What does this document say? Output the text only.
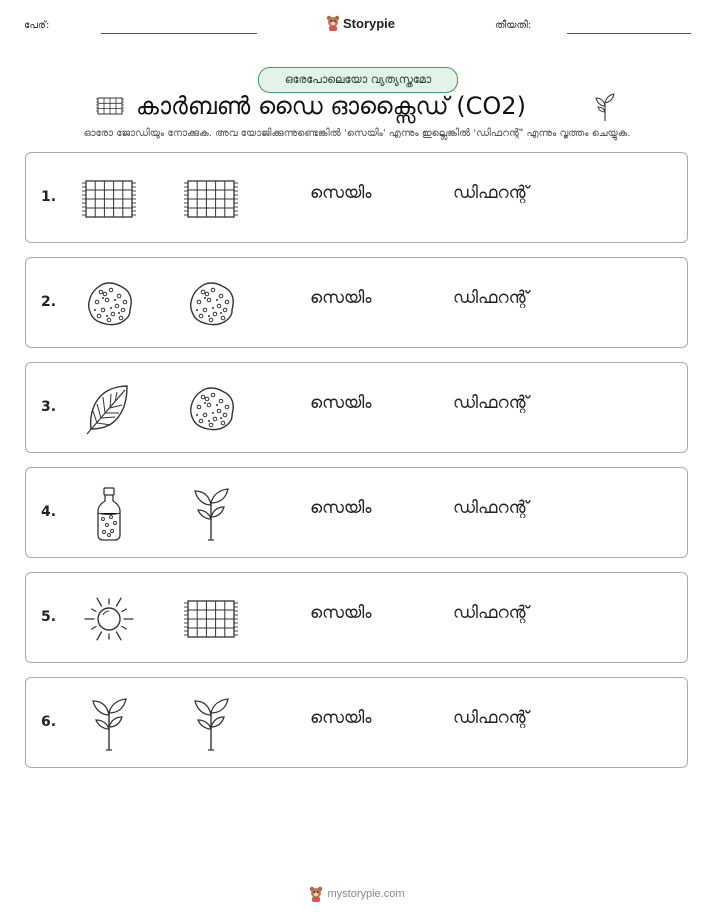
പേര്:	Storypie	തീയതി:
ഒരേപോലെയോ വ്യത്യസ്തമോ
കാർബൺ ഡൈ ഓക്സൈഡ് (CO2)
ഓരോ ജോഡിയും നോക്കുക. അവ യോജിക്കുന്നുണ്ടെങ്കിൽ 'സെയിം' എന്നും ഇല്ലെങ്കിൽ 'ഡിഫറന്റ്' എന്നും വൃത്തം ചെയ്യുക.
1.	സെയിം	ഡിഫറന്റ്
2.	സെയിം	ഡിഫറന്റ്
3.	സെയിം	ഡിഫറന്റ്
4.	സെയിം	ഡിഫറന്റ്
5.	സെയിം	ഡിഫറന്റ്
6.	സെയിം	ഡിഫറന്റ്
mystorypie.com
